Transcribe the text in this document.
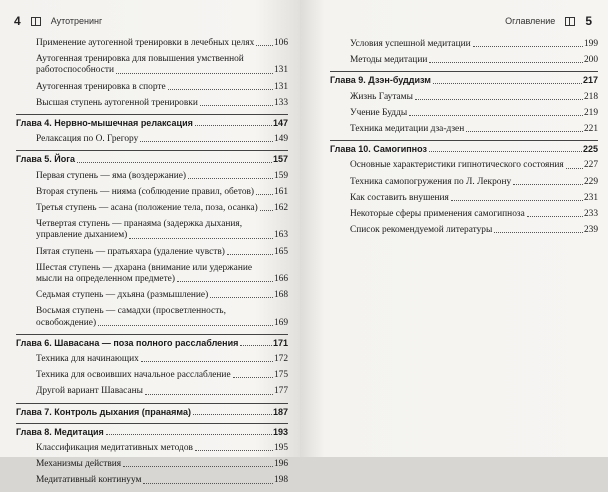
4	Аутотренинг
Применение аутогенной тренировки в лечебных целях 106
Аутогенная тренировка для повышения умственной
работоспособности	131
Аутогенная тренировка в спорте	131
Высшая ступень аутогенной тренировки	133
Глава 4. Нервно-мышечная релаксация	147
Релаксация по О. Грегору	149
Глава 5. Йога	157
Первая ступень — яма (воздержание)	159
Вторая ступень — нияма (соблюдение правил, обетов) 161
Третья ступень — асана (положение тела, поза, осанка) 162
Четвертая ступень — пранаяма (задержка дыхания,
управление дыханием)	163
Пятая ступень — пратьяхара (удаление чувств)	165
Шестая ступень — дхарана (внимание или удержание
мысли на определенном предмете)	166
Седьмая ступень — дхьяна (размышление)	168
Восьмая ступень — самадхи (просветленность,
освобождение)	169
Глава 6. Шавасана — поза полного расслабления	171
Техника для начинающих	172
Техника для освоивших начальное расслабление	175
Другой вариант Шавасаны	177
Глава 7. Контроль дыхания (пранаяма)	187
Глава 8. Медитация	193
Классификация медитативных методов	195
Механизмы действия	196
Медитативный континуум	198
Оглавление	5
Условия успешной медитации	199
Методы медитации	200
Глава 9. Дзэн-буддизм	217
Жизнь Гаутамы	218
Учение Будды	219
Техника медитации дза-дзен	221
Глава 10. Самогипноз	225
Основные характеристики гипнотического состояния 227
Техника самопогружения по Л. Лекрону	229
Как составить внушения	231
Некоторые сферы применения самогипноза	233
Список рекомендуемой литературы	239
